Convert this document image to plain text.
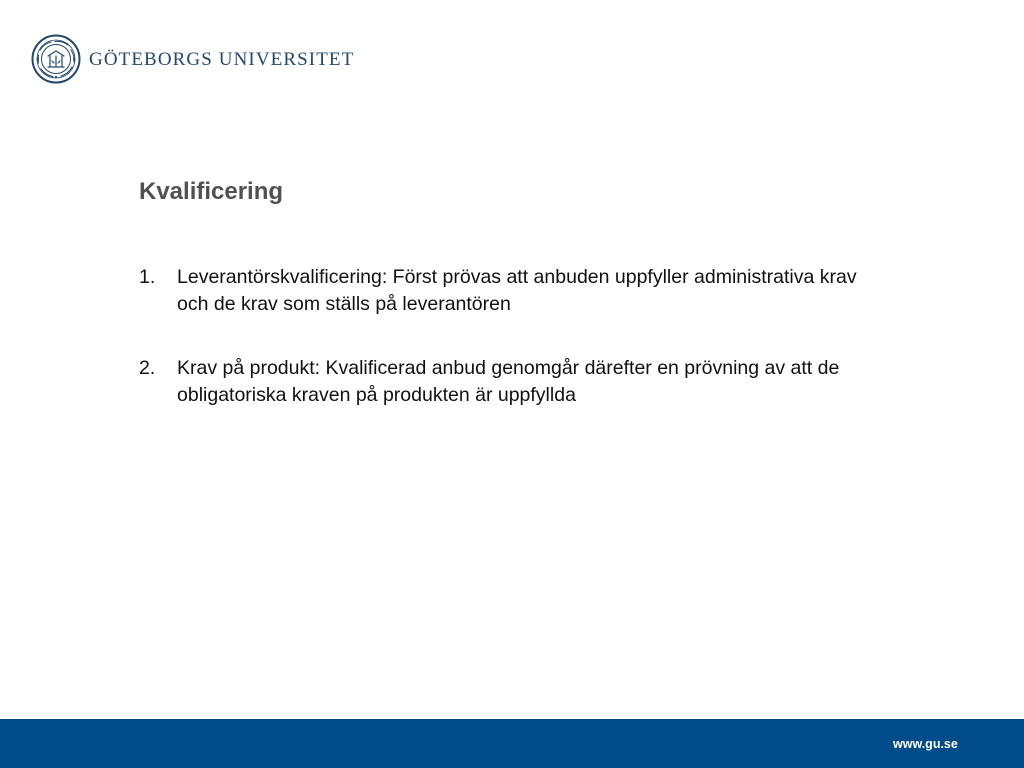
GÖTEBORGS UNIVERSITET
Kvalificering
1.	Leverantörskvalificering: Först prövas att anbuden uppfyller administrativa krav och de krav som ställs på leverantören
2.	Krav på produkt: Kvalificerad anbud genomgår därefter en prövning av att de obligatoriska kraven på produkten är uppfyllda
www.gu.se
